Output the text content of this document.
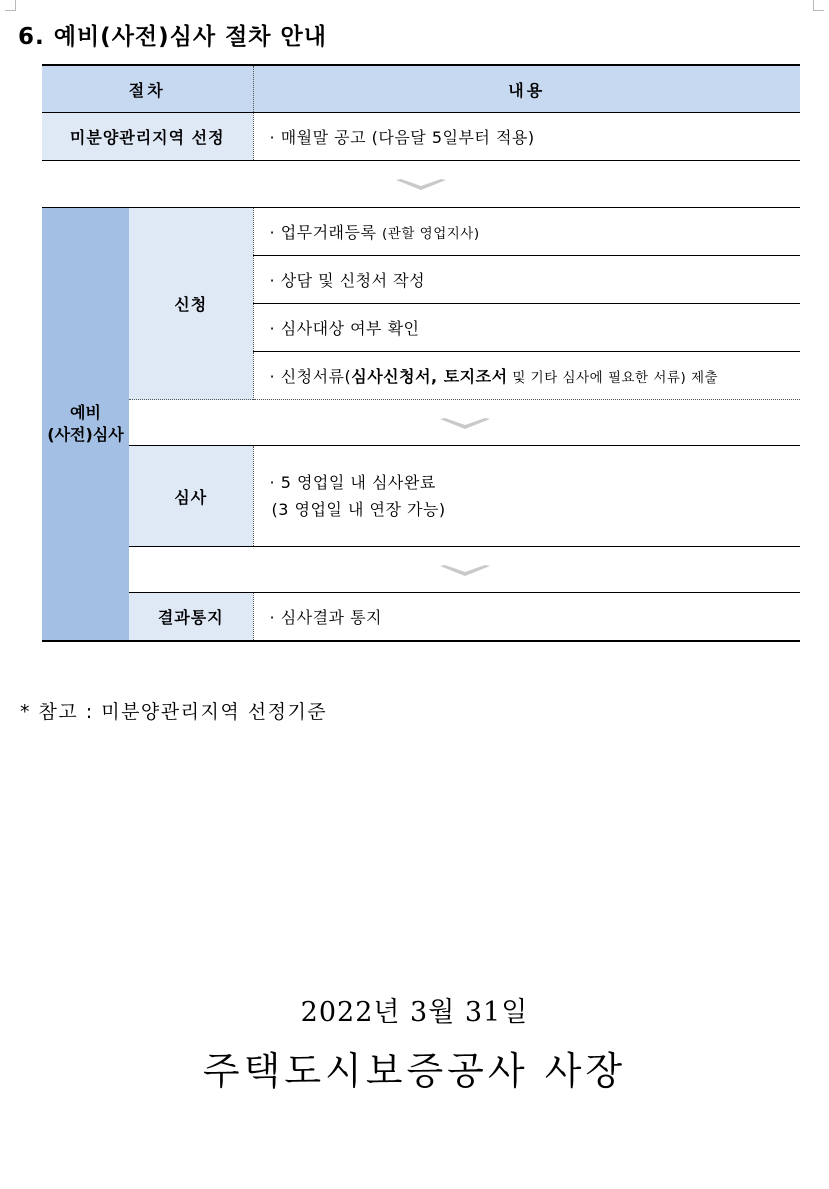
6. 예비(사전)심사 절차 안내
절차		내용
미분양관리지역 선정		· 매월말 공고 (다음달 5일부터 적용)

예비
(사전)심사	신청	· 업무거래등록 (관할 영업지사)
		· 상담 및 신청서 작성
		· 심사대상 여부 확인
		· 신청서류(심사신청서, 토지조서 및 기타 심사에 필요한 서류) 제출

	심사	· 5 영업일 내 심사완료
(3 영업일 내 연장 가능)

	결과통지	· 심사결과 통지

* 참고 : 미분양관리지역 선정기준

2022년 3월 31일

주택도시보증공사 사장
